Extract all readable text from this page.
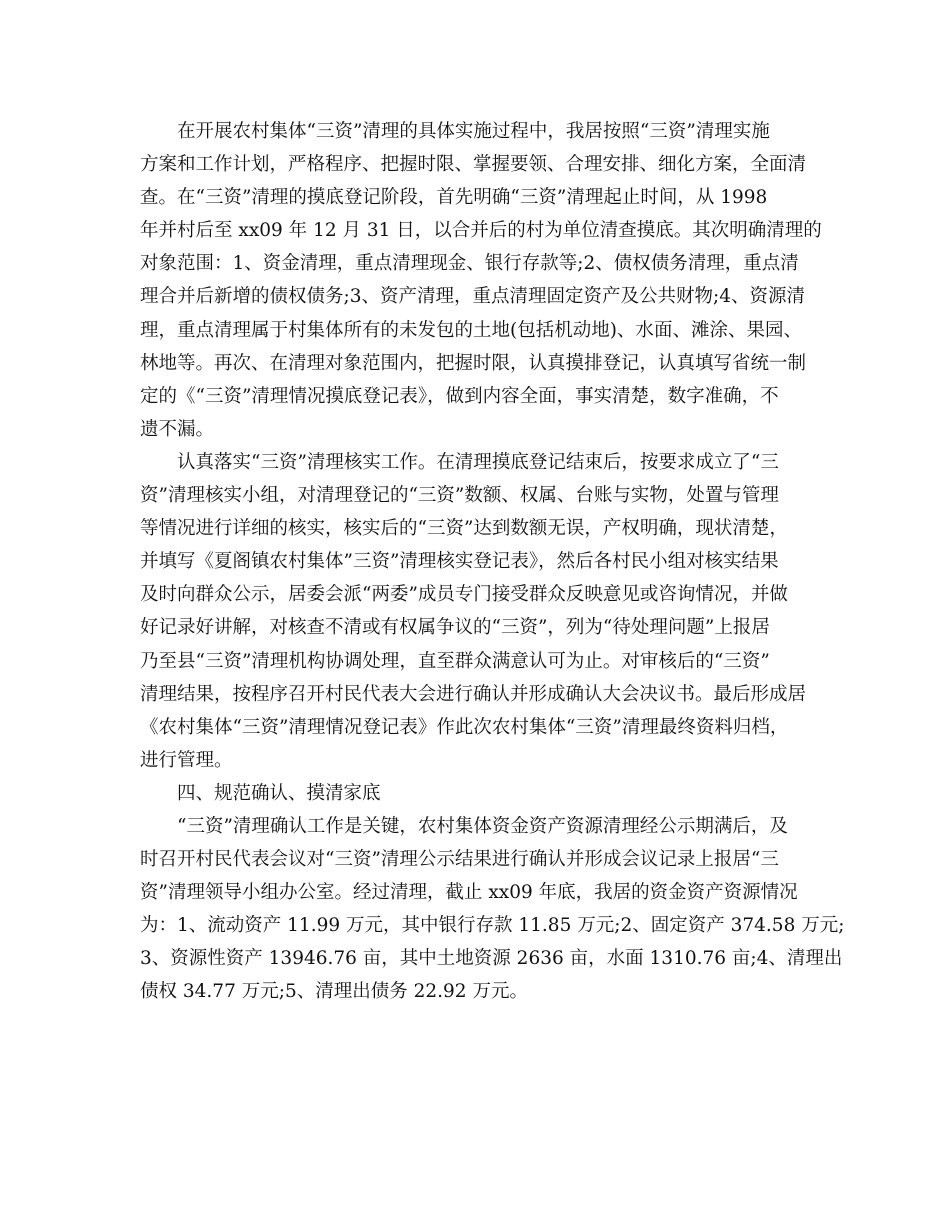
在开展农村集体“三资”清理的具体实施过程中，我居按照“三资”清理实施
方案和工作计划，严格程序、把握时限、掌握要领、合理安排、细化方案，全面清
查。在“三资”清理的摸底登记阶段，首先明确“三资”清理起止时间，从 1998
年并村后至 xx09 年 12 月 31 日，以合并后的村为单位清查摸底。其次明确清理的
对象范围：1、资金清理，重点清理现金、银行存款等;2、债权债务清理，重点清
理合并后新增的债权债务;3、资产清理，重点清理固定资产及公共财物;4、资源清
理，重点清理属于村集体所有的未发包的土地(包括机动地)、水面、滩涂、果园、
林地等。再次、在清理对象范围内，把握时限，认真摸排登记，认真填写省统一制
定的《“三资”清理情况摸底登记表》，做到内容全面，事实清楚，数字准确，不
遗不漏。
认真落实“三资”清理核实工作。在清理摸底登记结束后，按要求成立了“三
资”清理核实小组，对清理登记的“三资”数额、权属、台账与实物，处置与管理
等情况进行详细的核实，核实后的“三资”达到数额无误，产权明确，现状清楚，
并填写《夏阁镇农村集体”三资”清理核实登记表》，然后各村民小组对核实结果
及时向群众公示，居委会派“两委”成员专门接受群众反映意见或咨询情况，并做
好记录好讲解，对核查不清或有权属争议的“三资”，列为“待处理问题”上报居
乃至县“三资”清理机构协调处理，直至群众满意认可为止。对审核后的“三资”
清理结果，按程序召开村民代表大会进行确认并形成确认大会决议书。最后形成居
《农村集体“三资”清理情况登记表》作此次农村集体“三资”清理最终资料归档，
进行管理。
四、规范确认、摸清家底
“三资”清理确认工作是关键，农村集体资金资产资源清理经公示期满后，及
时召开村民代表会议对“三资”清理公示结果进行确认并形成会议记录上报居“三
资”清理领导小组办公室。经过清理，截止 xx09 年底，我居的资金资产资源情况
为：1、流动资产 11.99 万元，其中银行存款 11.85 万元;2、固定资产 374.58 万元;
3、资源性资产 13946.76 亩，其中土地资源 2636 亩，水面 1310.76 亩;4、清理出
债权 34.77 万元;5、清理出债务 22.92 万元。
